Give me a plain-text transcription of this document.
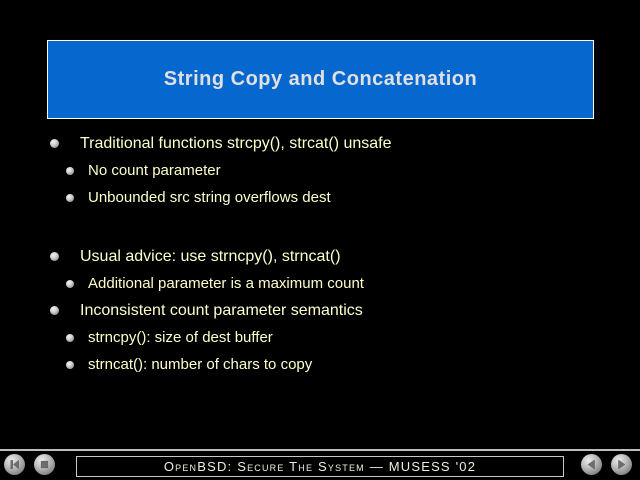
String Copy and Concatenation
Traditional functions strcpy(), strcat() unsafe
No count parameter
Unbounded src string overflows dest
Usual advice: use strncpy(), strncat()
Additional parameter is a maximum count
Inconsistent count parameter semantics
strncpy(): size of dest buffer
strncat(): number of chars to copy
OpenBSD: Secure The System — MUSESS '02
